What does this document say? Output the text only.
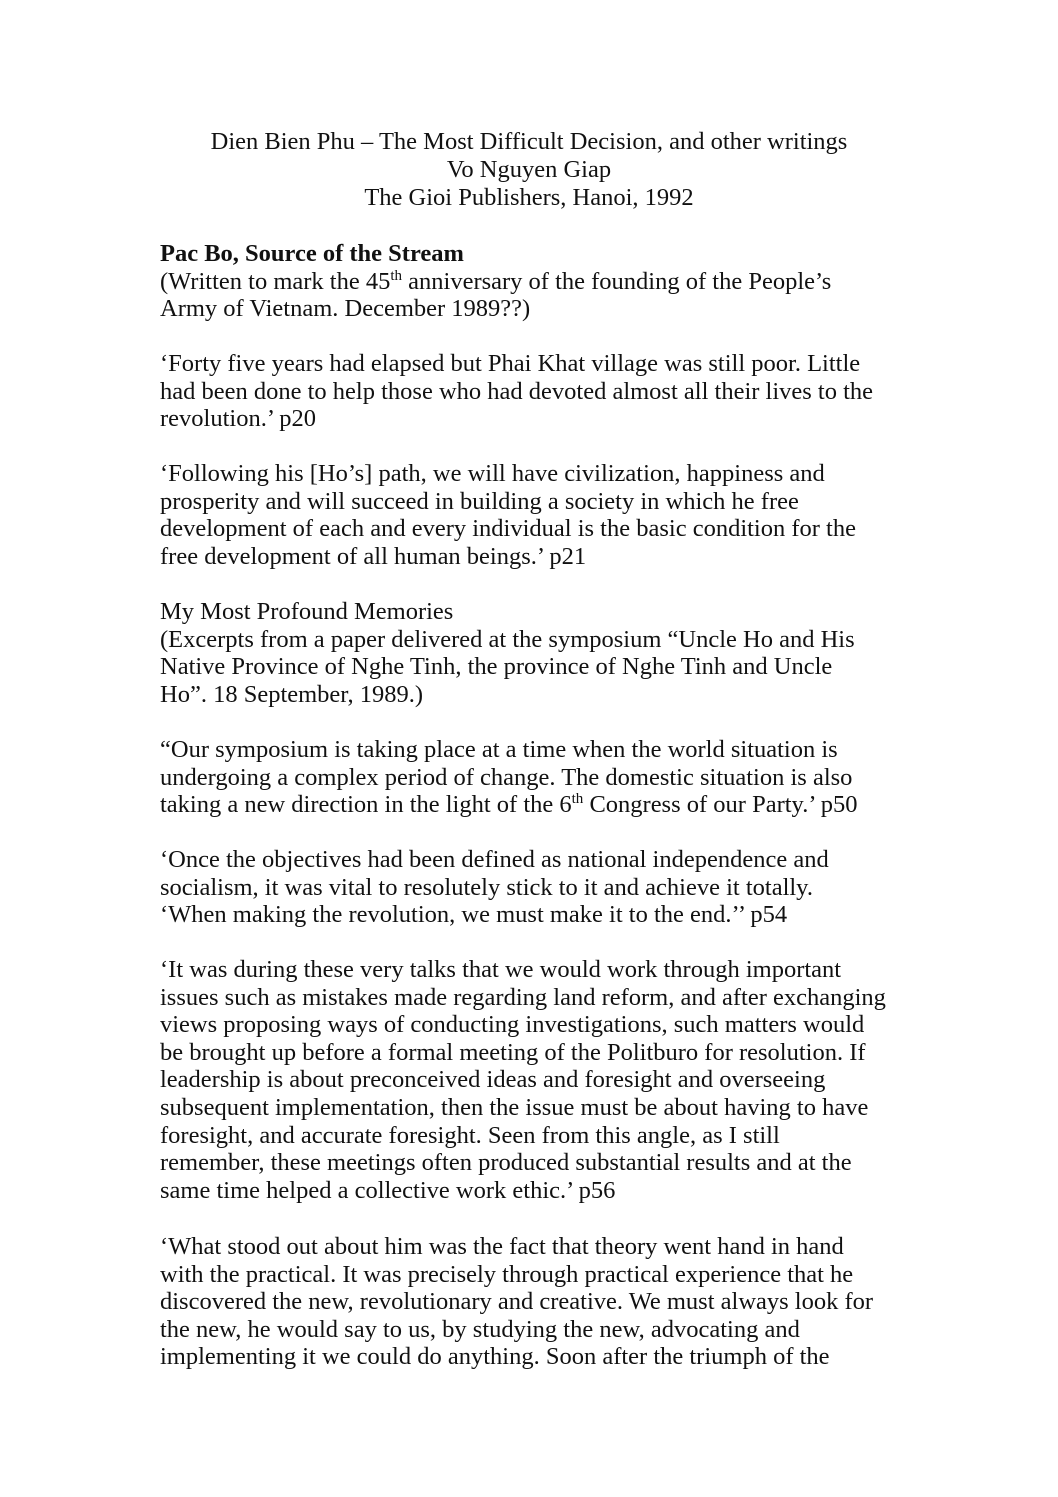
Dien Bien Phu – The Most Difficult Decision, and other writings
Vo Nguyen Giap
The Gioi Publishers, Hanoi, 1992
Pac Bo, Source of the Stream
(Written to mark the 45th anniversary of the founding of the People’s
Army of Vietnam. December 1989??)
‘Forty five years had elapsed but Phai Khat village was still poor. Little
had been done to help those who had devoted almost all their lives to the
revolution.’ p20
‘Following his [Ho’s] path, we will have civilization, happiness and
prosperity and will succeed in building a society in which he free
development of each and every individual is the basic condition for the
free development of all human beings.’ p21
My Most Profound Memories
(Excerpts from a paper delivered at the symposium “Uncle Ho and His
Native Province of Nghe Tinh, the province of Nghe Tinh and Uncle
Ho”. 18 September, 1989.)
“Our symposium is taking place at a time when the world situation is
undergoing a complex period of change. The domestic situation is also
taking a new direction in the light of the 6th Congress of our Party.’ p50
‘Once the objectives had been defined as national independence and
socialism, it was vital to resolutely stick to it and achieve it totally.
‘When making the revolution, we must make it to the end.’’ p54
‘It was during these very talks that we would work through important
issues such as mistakes made regarding land reform, and after exchanging
views proposing ways of conducting investigations, such matters would
be brought up before a formal meeting of the Politburo for resolution. If
leadership is about preconceived ideas and foresight and overseeing
subsequent implementation, then the issue must be about having to have
foresight, and accurate foresight. Seen from this angle, as I still
remember, these meetings often produced substantial results and at the
same time helped a collective work ethic.’ p56
‘What stood out about him was the fact that theory went hand in hand
with the practical. It was precisely through practical experience that he
discovered the new, revolutionary and creative. We must always look for
the new, he would say to us, by studying the new, advocating and
implementing it we could do anything. Soon after the triumph of the
